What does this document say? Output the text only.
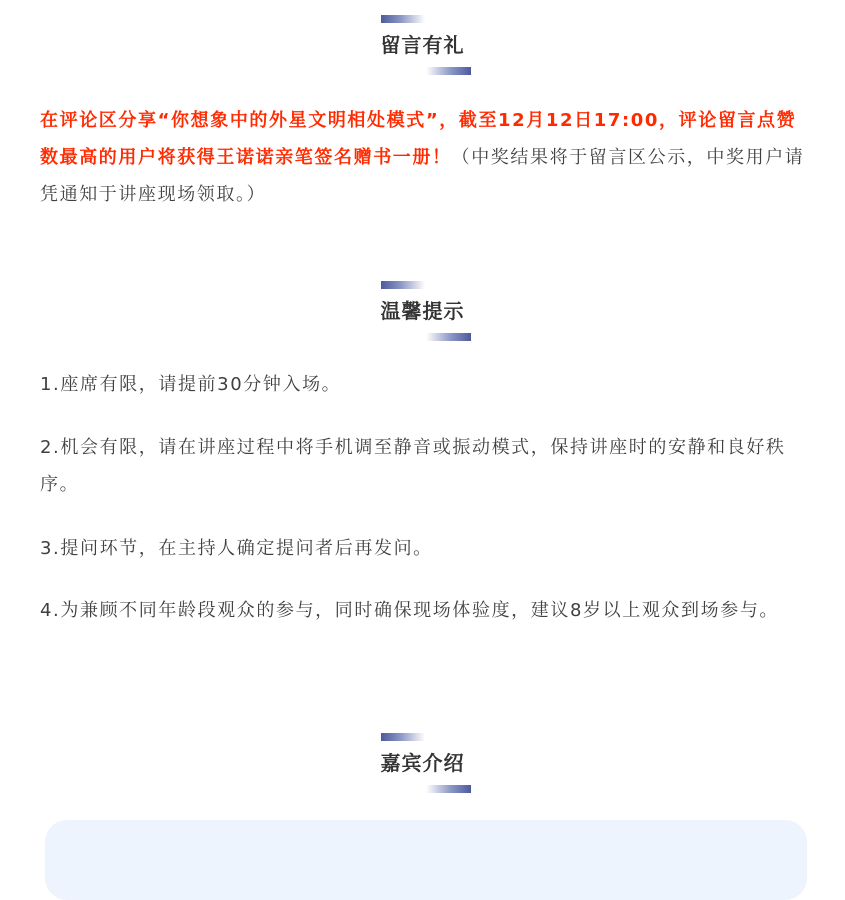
留言有礼

在评论区分享“你想象中的外星文明相处模式”，截至12月12日17:00，评论留言点赞数最高的用户将获得王诺诺亲笔签名赠书一册！（中奖结果将于留言区公示，中奖用户请凭通知于讲座现场领取。）

温馨提示

1.座席有限，请提前30分钟入场。

2.机会有限，请在讲座过程中将手机调至静音或振动模式，保持讲座时的安静和良好秩序。

3.提问环节，在主持人确定提问者后再发问。

4.为兼顾不同年龄段观众的参与，同时确保现场体验度，建议8岁以上观众到场参与。

嘉宾介绍
